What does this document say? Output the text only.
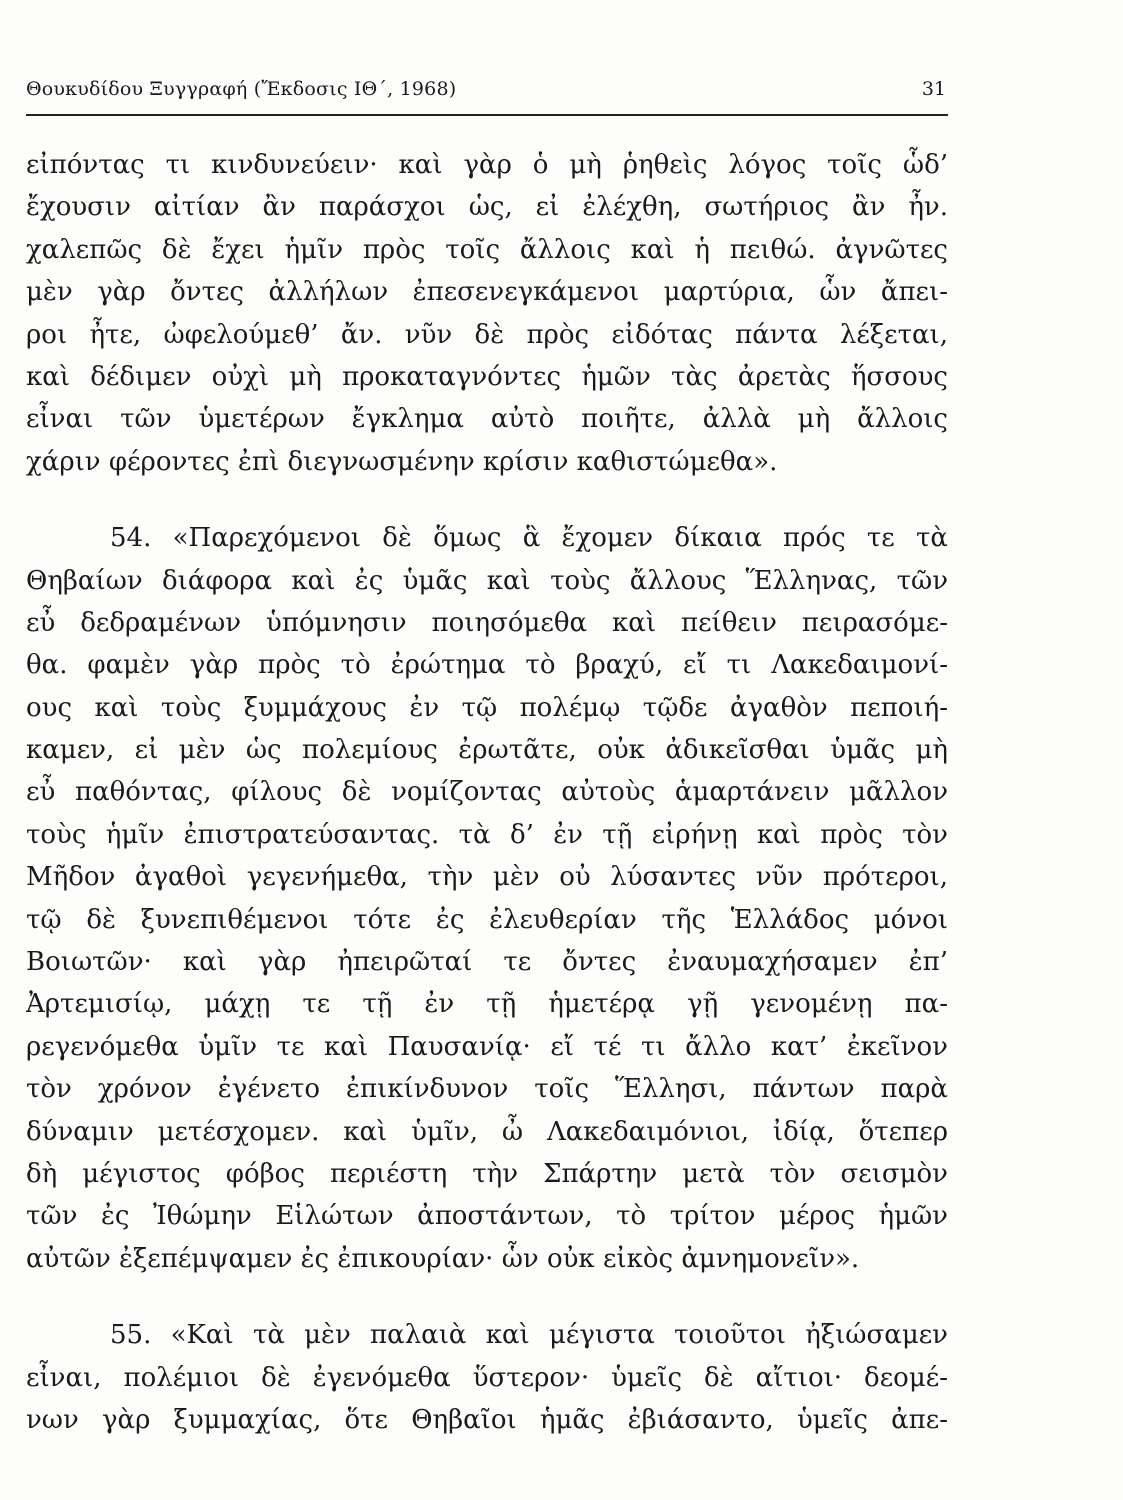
Θουκυδίδου Ξυγγραφή (Ἔκδοσις ΙΘ΄, 1968)	31
εἰπόντας τι κινδυνεύειν· καὶ γὰρ ὁ μὴ ῥηθεὶς λόγος τοῖς ὧδ’
ἔχουσιν αἰτίαν ἂν παράσχοι ὡς, εἰ ἐλέχθη, σωτήριος ἂν ἦν.
χαλεπῶς δὲ ἔχει ἡμῖν πρὸς τοῖς ἄλλοις καὶ ἡ πειθώ. ἀγνῶτες
μὲν γὰρ ὄντες ἀλλήλων ἐπεσενεγκάμενοι μαρτύρια, ὧν ἄπει-
ροι ἦτε, ὠφελούμεθ’ ἄν. νῦν δὲ πρὸς εἰδότας πάντα λέξεται,
καὶ δέδιμεν οὐχὶ μὴ προκαταγνόντες ἡμῶν τὰς ἀρετὰς ἥσσους
εἶναι τῶν ὑμετέρων ἔγκλημα αὐτὸ ποιῆτε, ἀλλὰ μὴ ἄλλοις
χάριν φέροντες ἐπὶ διεγνωσμένην κρίσιν καθιστώμεθα».
54. «Παρεχόμενοι δὲ ὅμως ἃ ἔχομεν δίκαια πρός τε τὰ
Θηβαίων διάφορα καὶ ἐς ὑμᾶς καὶ τοὺς ἄλλους Ἕλληνας, τῶν
εὖ δεδραμένων ὑπόμνησιν ποιησόμεθα καὶ πείθειν πειρασόμε-
θα. φαμὲν γὰρ πρὸς τὸ ἐρώτημα τὸ βραχύ, εἴ τι Λακεδαιμονί-
ους καὶ τοὺς ξυμμάχους ἐν τῷ πολέμῳ τῷδε ἀγαθὸν πεποιή-
καμεν, εἰ μὲν ὡς πολεμίους ἐρωτᾶτε, οὐκ ἀδικεῖσθαι ὑμᾶς μὴ
εὖ παθόντας, φίλους δὲ νομίζοντας αὐτοὺς ἁμαρτάνειν μᾶλλον
τοὺς ἡμῖν ἐπιστρατεύσαντας. τὰ δ’ ἐν τῇ εἰρήνῃ καὶ πρὸς τὸν
Μῆδον ἀγαθοὶ γεγενήμεθα, τὴν μὲν οὐ λύσαντες νῦν πρότεροι,
τῷ δὲ ξυνεπιθέμενοι τότε ἐς ἐλευθερίαν τῆς Ἑλλάδος μόνοι
Βοιωτῶν· καὶ γὰρ ἠπειρῶταί τε ὄντες ἐναυμαχήσαμεν ἐπ’
Ἀρτεμισίῳ, μάχῃ τε τῇ ἐν τῇ ἡμετέρᾳ γῇ γενομένῃ πα-
ρεγενόμεθα ὑμῖν τε καὶ Παυσανίᾳ· εἴ τέ τι ἄλλο κατ’ ἐκεῖνον
τὸν χρόνον ἐγένετο ἐπικίνδυνον τοῖς Ἕλλησι, πάντων παρὰ
δύναμιν μετέσχομεν. καὶ ὑμῖν, ὦ Λακεδαιμόνιοι, ἰδίᾳ, ὅτεπερ
δὴ μέγιστος φόβος περιέστη τὴν Σπάρτην μετὰ τὸν σεισμὸν
τῶν ἐς Ἰθώμην Εἱλώτων ἀποστάντων, τὸ τρίτον μέρος ἡμῶν
αὐτῶν ἐξεπέμψαμεν ἐς ἐπικουρίαν· ὧν οὐκ εἰκὸς ἀμνημονεῖν».
55. «Καὶ τὰ μὲν παλαιὰ καὶ μέγιστα τοιοῦτοι ἠξιώσαμεν
εἶναι, πολέμιοι δὲ ἐγενόμεθα ὕστερον· ὑμεῖς δὲ αἴτιοι· δεομέ-
νων γὰρ ξυμμαχίας, ὅτε Θηβαῖοι ἡμᾶς ἐβιάσαντο, ὑμεῖς ἀπε-
